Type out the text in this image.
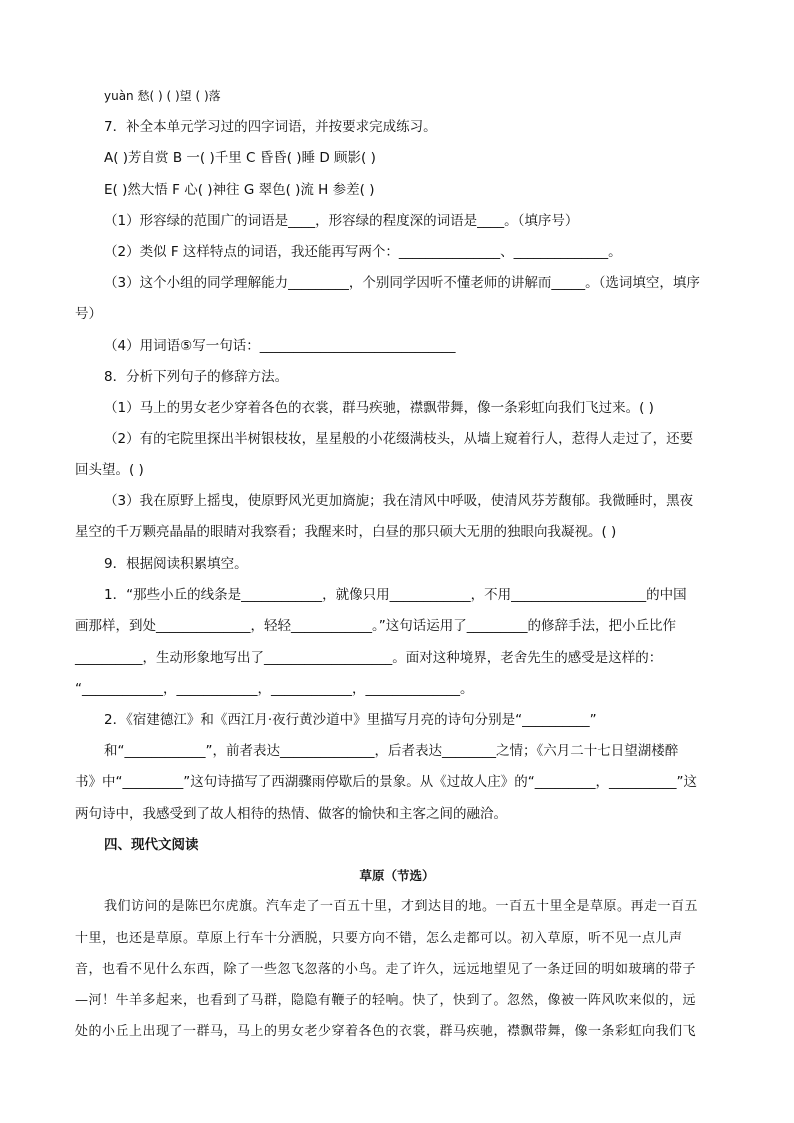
yuàn 愁( ) ( )望 ( )落
7．补全本单元学习过的四字词语，并按要求完成练习。
A( )芳自赏 B 一( )千里 C 昏昏( )睡 D 顾影( )
E( )然大悟 F 心( )神往 G 翠色( )流 H 参差( )
（1）形容绿的范围广的词语是____，形容绿的程度深的词语是____。（填序号）
（2）类似 F 这样特点的词语，我还能再写两个：_______________、______________。
（3）这个小组的同学理解能力_________，个别同学因听不懂老师的讲解而_____。（选词填空，填序
号）
（4）用词语⑤写一句话：_____________________________
8．分析下列句子的修辞方法。
（1）马上的男女老少穿着各色的衣裳，群马疾驰，襟飘带舞，像一条彩虹向我们飞过来。( )
（2）有的宅院里探出半树银枝妆，星星般的小花缀满枝头，从墙上窥着行人，惹得人走过了，还要
回头望。( )
（3）我在原野上摇曳，使原野风光更加旖旎；我在清风中呼吸，使清风芬芳馥郁。我微睡时，黑夜
星空的千万颗亮晶晶的眼睛对我察看；我醒来时，白昼的那只硕大无朋的独眼向我凝视。( )
9．根据阅读积累填空。
1．“那些小丘的线条是____________，就像只用____________，不用____________________的中国
画那样，到处______________，轻轻____________。”这句话运用了_________的修辞手法，把小丘比作
__________，生动形象地写出了___________________。面对这种境界，老舍先生的感受是这样的：
“____________，____________，____________，______________。
2．《宿建德江》和《西江月·夜行黄沙道中》里描写月亮的诗句分别是“__________”
和“____________”，前者表达______________，后者表达________之情；《六月二十七日望湖楼醉
书》中“_________”这句诗描写了西湖骤雨停歇后的景象。从《过故人庄》的“_________，__________”这
两句诗中，我感受到了故人相待的热情、做客的愉快和主客之间的融洽。
四、现代文阅读
草原（节选）
我们访问的是陈巴尔虎旗。汽车走了一百五十里，才到达目的地。一百五十里全是草原。再走一百五
十里，也还是草原。草原上行车十分洒脱，只要方向不错，怎么走都可以。初入草原，听不见一点儿声
音，也看不见什么东西，除了一些忽飞忽落的小鸟。走了许久，远远地望见了一条迂回的明如玻璃的带子
—河！牛羊多起来，也看到了马群，隐隐有鞭子的轻响。快了，快到了。忽然，像被一阵风吹来似的，远
处的小丘上出现了一群马，马上的男女老少穿着各色的衣裳，群马疾驰，襟飘带舞，像一条彩虹向我们飞
